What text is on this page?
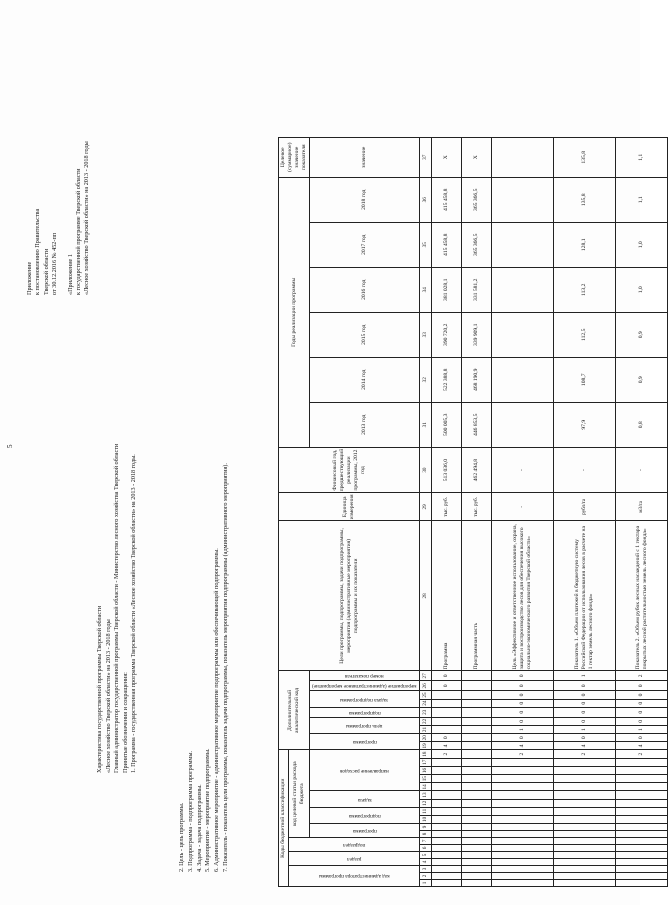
5
Приложение к постановлению Правительства Тверской области от 30.12.2016 № 452-пп «Приложение 1 к государственной программе Тверской области «Лесное хозяйство Тверской области» на 2013 - 2018 годы
Характеристика государственной программы Тверской области «Лесное хозяйство Тверской области» на 2013 - 2018 годы Главный администратор государственной программы Тверской области - Министерство лесного хозяйства Тверской области Принятые обозначения и сокращения: 1. Программа - государственная программа Тверской области «Лесное хозяйство Тверской области» на 2013 - 2018 годы.
2. Цель - цель программы. 3. Подпрограмма - подпрограмма программы. 4. Задача - задача подпрограммы. 5. Мероприятие - мероприятие подпрограммы. 6. Административное мероприятие - административное мероприятие подпрограммы или обеспечивающей подпрограммы. 7. Показатель - показатель цели программы, показатель задачи подпрограммы, показатель мероприятия подпрограммы (административного мероприятия).	Коды бюджетной классификации																		Дополнительный аналитический код									Цели программы, подпрограммы, задачи подпрограммы, мероприятия (административные мероприятия) подпрограммы и их показатели	Единица измерения	Финансовый год, предшествующий реализации программы, 2012 год	Годы реализации программы						Целевое (суммарное) значение показателя

код администратора программы			раздел		подраздел		код целевой статьи расхода бюджета																													

							программа		подпрограмма		задача		направление расходов					программа		цель программы		подпрограмма	задача подпрограммы		мероприятие (административное мероприятие)	номер показателя				2013 год	2014 год	2015 год	2016 год	2017 год	2018 год	значение
1	2	3	4	5	6	7	8	9	10	11	12	13	14	15	16	17	18	19	20	21	22	23	24	25	26	27	28	29	30	31	32	33	34	35	36	37
																	2	4	0						0	0	Программа	тыс. руб.	513 036,0	500 005,3	522 388,8	390 720,2	381 028,1	415 458,8	415 458,8	X
																											Программная часть	тыс. руб.	462 494,8	446 853,5	468 190,9	339 909,1	331 581,2	365 366,5	365 366,5	X
																	2	4	0	1	0	0	0	0	0	0	Цель «Эффективное и ответственное использование, охрана, защита и воспроизводство лесов для обеспечения высокого социально-экономического развития Тверской области»	-	-							
																	2	4	0	1	0	0	0	0	0	1	Показатель 1. «Объем платежей в бюджетную систему Российской Федерации от использования лесов в расчете на 1 гектар земель лесного фонда»	рубл/га	-	97,9	108,7	112,5	113,2	128,1	135,8	135,8
																	2	4	0	1	0	0	0	0	0	2	Показатель 2. «Объем рубок лесных насаждений с 1 гектара покрытых лесной растительностью земель лесного фонда»	м3/га	-	0,8	0,9	0,9	1,0	1,0	1,1	1,1
